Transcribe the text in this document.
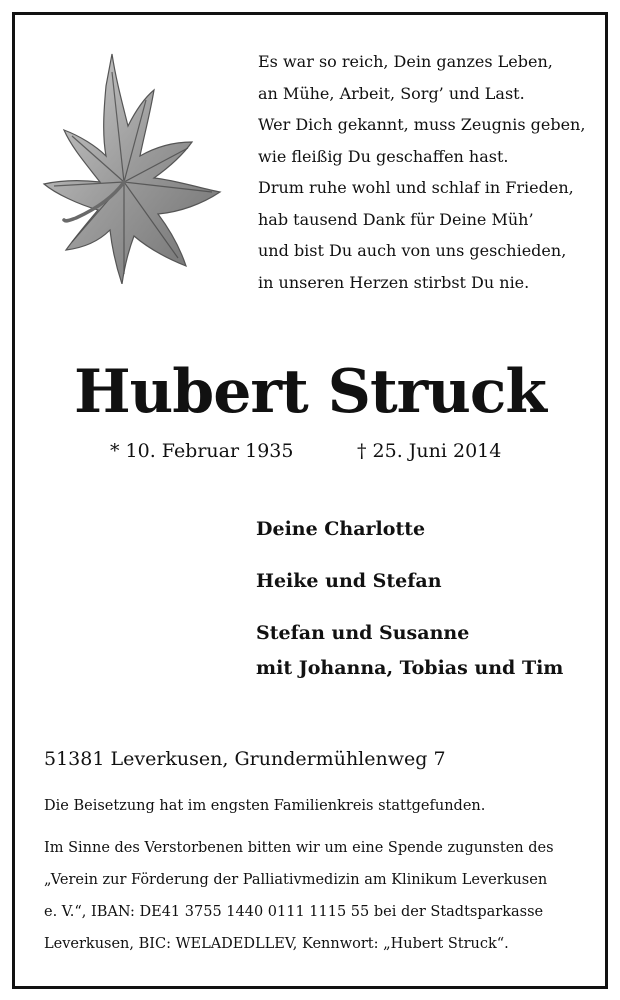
Es war so reich, Dein ganzes Leben,
an Mühe, Arbeit, Sorg’ und Last.
Wer Dich gekannt, muss Zeugnis geben,
wie fleißig Du geschaffen hast.
Drum ruhe wohl und schlaf in Frieden,
hab tausend Dank für Deine Müh’
und bist Du auch von uns geschieden,
in unseren Herzen stirbst Du nie.
Hubert Struck
* 10. Februar 1935	† 25. Juni 2014
Deine Charlotte
Heike und Stefan
Stefan und Susanne
mit Johanna, Tobias und Tim
51381 Leverkusen, Grundermühlenweg 7
Die Beisetzung hat im engsten Familienkreis stattgefunden.
Im Sinne des Verstorbenen bitten wir um eine Spende zugunsten des
„Verein zur Förderung der Palliativmedizin am Klinikum Leverkusen
e. V.“, IBAN: DE41 3755 1440 0111 1115 55 bei der Stadtsparkasse
Leverkusen, BIC: WELADEDLLEV, Kennwort: „Hubert Struck“.
